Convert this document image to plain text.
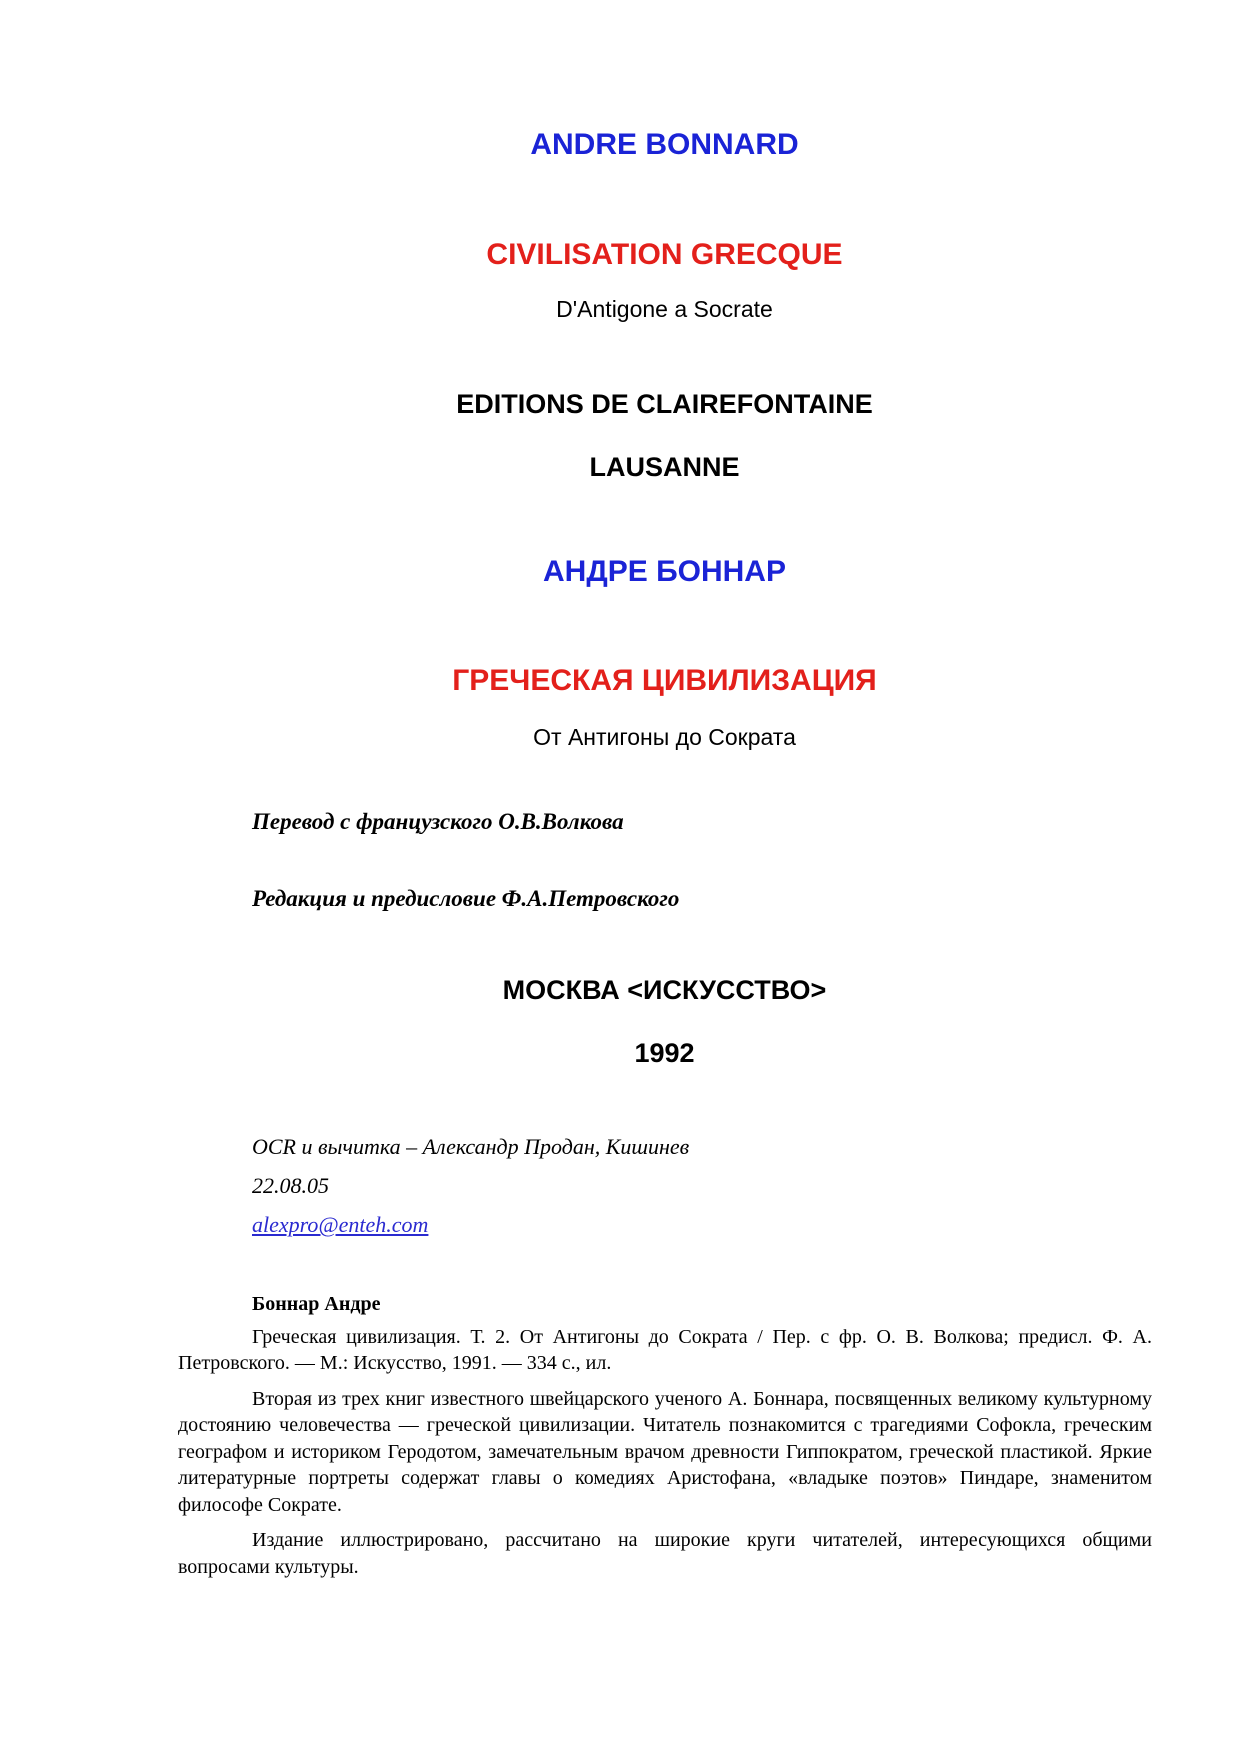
ANDRE BONNARD
CIVILISATION GRECQUE
D'Antigone a Socrate
EDITIONS DE CLAIREFONTAINE
LAUSANNE
АНДРЕ БОННАР
ГРЕЧЕСКАЯ ЦИВИЛИЗАЦИЯ
От Антигоны до Сократа
Перевод с французского О.В.Волкова
Редакция и предисловие Ф.А.Петровского
МОСКВА <ИСКУССТВО>
1992
OCR и вычитка – Александр Продан, Кишинев
22.08.05
alexpro@enteh.com
Боннар Андре

Греческая цивилизация. Т. 2. От Антигоны до Сократа / Пер. с фр. О. В. Волкова; предисл. Ф. А. Петровского. — М.: Искусство, 1991. — 334 с., ил.

Вторая из трех книг известного швейцарского ученого А. Боннара, посвященных великому культурному достоянию человечества — греческой цивилизации. Читатель познакомится с трагедиями Софокла, греческим географом и историком Геродотом, замечательным врачом древности Гиппократом, греческой пластикой. Яркие литературные портреты содержат главы о комедиях Аристофана, «владыке поэтов» Пиндаре, знаменитом философе Сократе.

Издание иллюстрировано, рассчитано на широкие круги читателей, интересующихся общими вопросами культуры.
